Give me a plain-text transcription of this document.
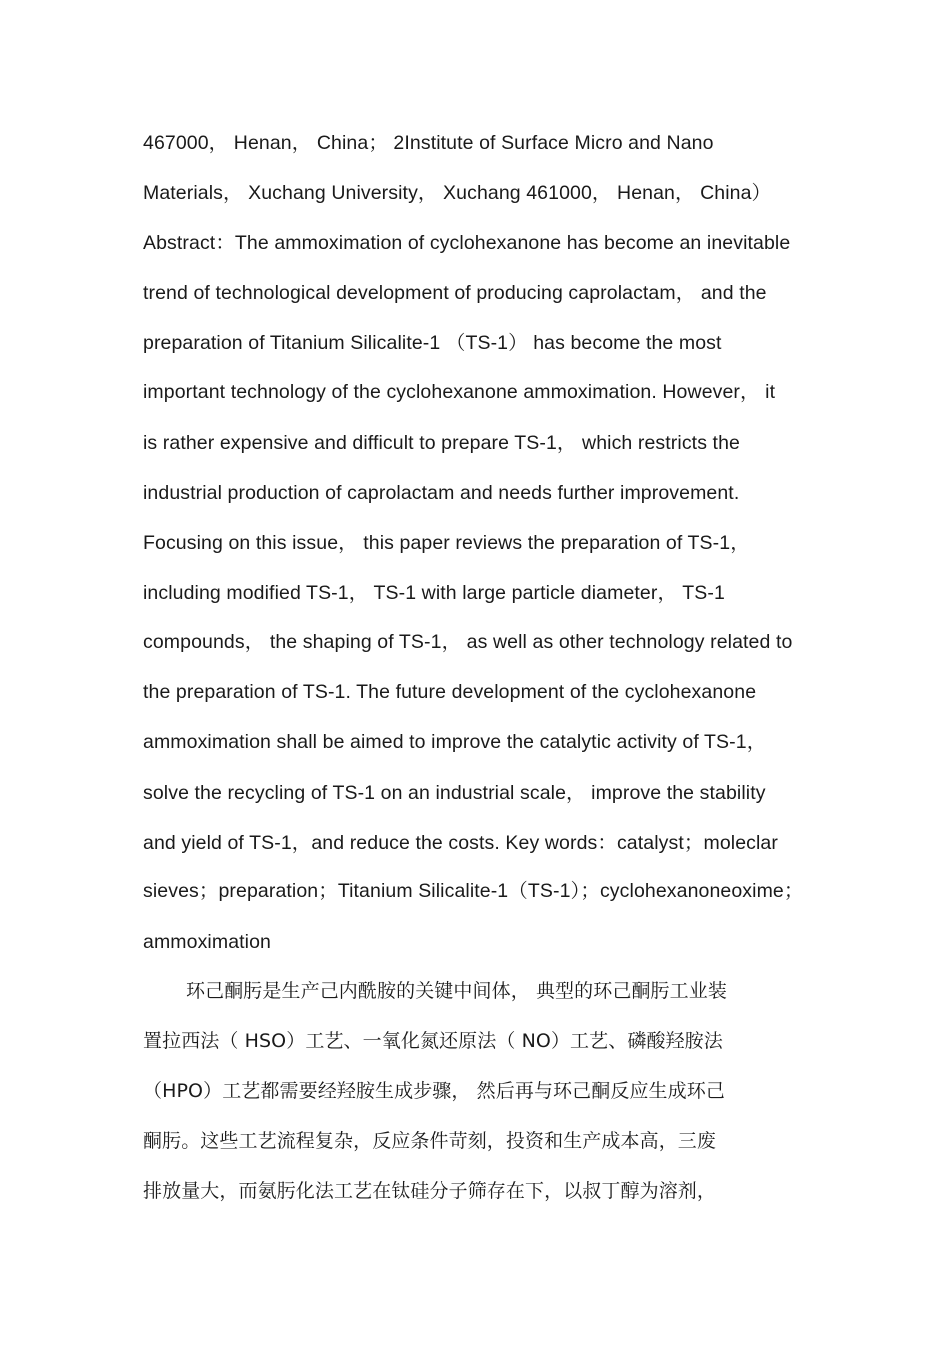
467000， Henan， China； 2Institute of Surface Micro and Nano
Materials， Xuchang University， Xuchang 461000， Henan， China）
Abstract：The ammoximation of cyclohexanone has become an inevitable
trend of technological development of producing caprolactam， and the
preparation of Titanium Silicalite-1 （TS-1） has become the most
important technology of the cyclohexanone ammoximation. However， it
is rather expensive and difficult to prepare TS-1， which restricts the
industrial production of caprolactam and needs further improvement.
Focusing on this issue， this paper reviews the preparation of TS-1，
including modified TS-1， TS-1 with large particle diameter， TS-1
compounds， the shaping of TS-1， as well as other technology related to
the preparation of TS-1. The future development of the cyclohexanone
ammoximation shall be aimed to improve the catalytic activity of TS-1，
solve the recycling of TS-1 on an industrial scale， improve the stability
and yield of TS-1，and reduce the costs. Key words：catalyst；moleclar
sieves；preparation；Titanium Silicalite-1（TS-1）；cyclohexanoneoxime；
ammoximation
环己酮肟是生产己内酰胺的关键中间体， 典型的环己酮肟工业装
置拉西法（ HSO）工艺、一氧化氮还原法（ NO）工艺、磷酸羟胺法
（HPO）工艺都需要经羟胺生成步骤， 然后再与环己酮反应生成环己
酮肟。这些工艺流程复杂，反应条件苛刻，投资和生产成本高，三废
排放量大，而氨肟化法工艺在钛硅分子筛存在下，以叔丁醇为溶剂，
